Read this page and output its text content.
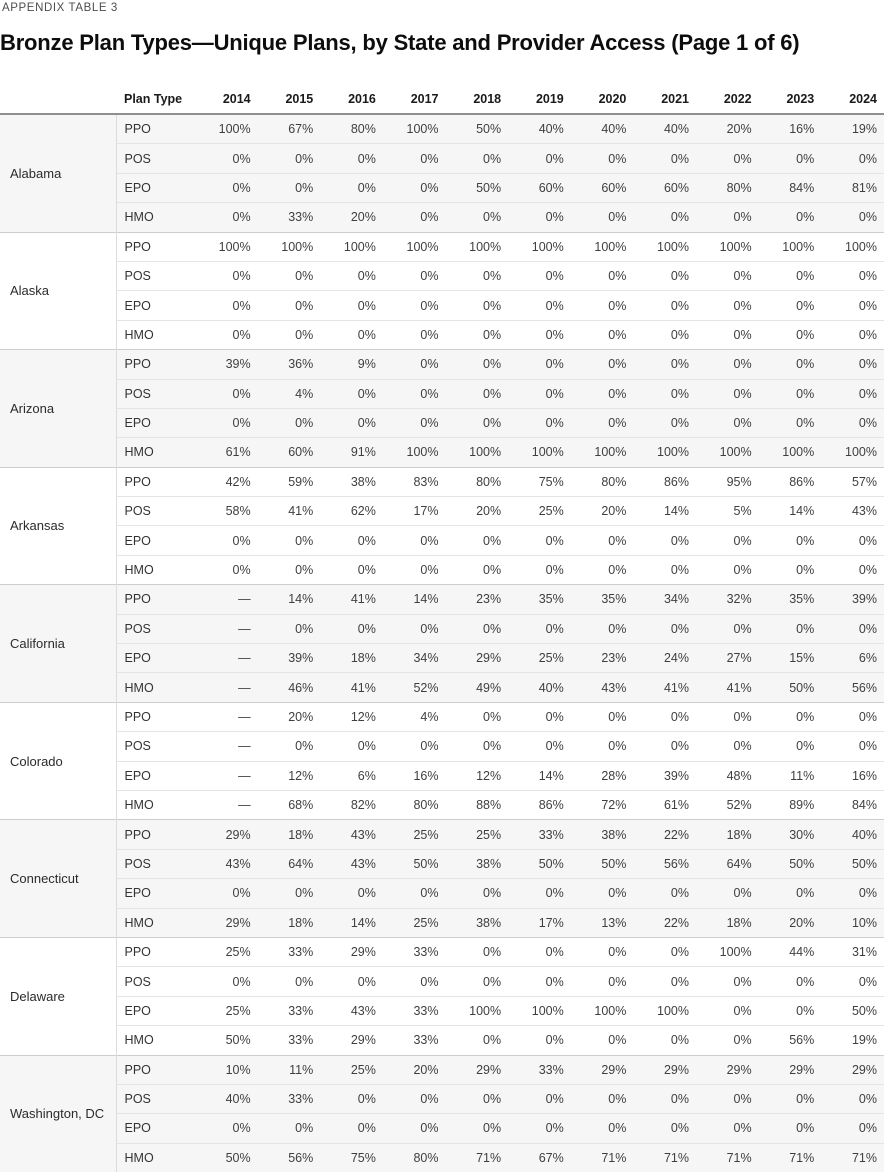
APPENDIX TABLE 3
Bronze Plan Types—Unique Plans, by State and Provider Access (Page 1 of 6)
	Plan Type	2014	2015	2016	2017	2018	2019	2020	2021	2022	2023	2024
Alabama	PPO	100%	67%	80%	100%	50%	40%	40%	40%	20%	16%	19%
	POS	0%	0%	0%	0%	0%	0%	0%	0%	0%	0%	0%
	EPO	0%	0%	0%	0%	50%	60%	60%	60%	80%	84%	81%
	HMO	0%	33%	20%	0%	0%	0%	0%	0%	0%	0%	0%
Alaska	PPO	100%	100%	100%	100%	100%	100%	100%	100%	100%	100%	100%
	POS	0%	0%	0%	0%	0%	0%	0%	0%	0%	0%	0%
	EPO	0%	0%	0%	0%	0%	0%	0%	0%	0%	0%	0%
	HMO	0%	0%	0%	0%	0%	0%	0%	0%	0%	0%	0%
Arizona	PPO	39%	36%	9%	0%	0%	0%	0%	0%	0%	0%	0%
	POS	0%	4%	0%	0%	0%	0%	0%	0%	0%	0%	0%
	EPO	0%	0%	0%	0%	0%	0%	0%	0%	0%	0%	0%
	HMO	61%	60%	91%	100%	100%	100%	100%	100%	100%	100%	100%
Arkansas	PPO	42%	59%	38%	83%	80%	75%	80%	86%	95%	86%	57%
	POS	58%	41%	62%	17%	20%	25%	20%	14%	5%	14%	43%
	EPO	0%	0%	0%	0%	0%	0%	0%	0%	0%	0%	0%
	HMO	0%	0%	0%	0%	0%	0%	0%	0%	0%	0%	0%
California	PPO	—	14%	41%	14%	23%	35%	35%	34%	32%	35%	39%
	POS	—	0%	0%	0%	0%	0%	0%	0%	0%	0%	0%
	EPO	—	39%	18%	34%	29%	25%	23%	24%	27%	15%	6%
	HMO	—	46%	41%	52%	49%	40%	43%	41%	41%	50%	56%
Colorado	PPO	—	20%	12%	4%	0%	0%	0%	0%	0%	0%	0%
	POS	—	0%	0%	0%	0%	0%	0%	0%	0%	0%	0%
	EPO	—	12%	6%	16%	12%	14%	28%	39%	48%	11%	16%
	HMO	—	68%	82%	80%	88%	86%	72%	61%	52%	89%	84%
Connecticut	PPO	29%	18%	43%	25%	25%	33%	38%	22%	18%	30%	40%
	POS	43%	64%	43%	50%	38%	50%	50%	56%	64%	50%	50%
	EPO	0%	0%	0%	0%	0%	0%	0%	0%	0%	0%	0%
	HMO	29%	18%	14%	25%	38%	17%	13%	22%	18%	20%	10%
Delaware	PPO	25%	33%	29%	33%	0%	0%	0%	0%	100%	44%	31%
	POS	0%	0%	0%	0%	0%	0%	0%	0%	0%	0%	0%
	EPO	25%	33%	43%	33%	100%	100%	100%	100%	0%	0%	50%
	HMO	50%	33%	29%	33%	0%	0%	0%	0%	0%	56%	19%
Washington, DC	PPO	10%	11%	25%	20%	29%	33%	29%	29%	29%	29%	29%
	POS	40%	33%	0%	0%	0%	0%	0%	0%	0%	0%	0%
	EPO	0%	0%	0%	0%	0%	0%	0%	0%	0%	0%	0%
	HMO	50%	56%	75%	80%	71%	67%	71%	71%	71%	71%	71%
